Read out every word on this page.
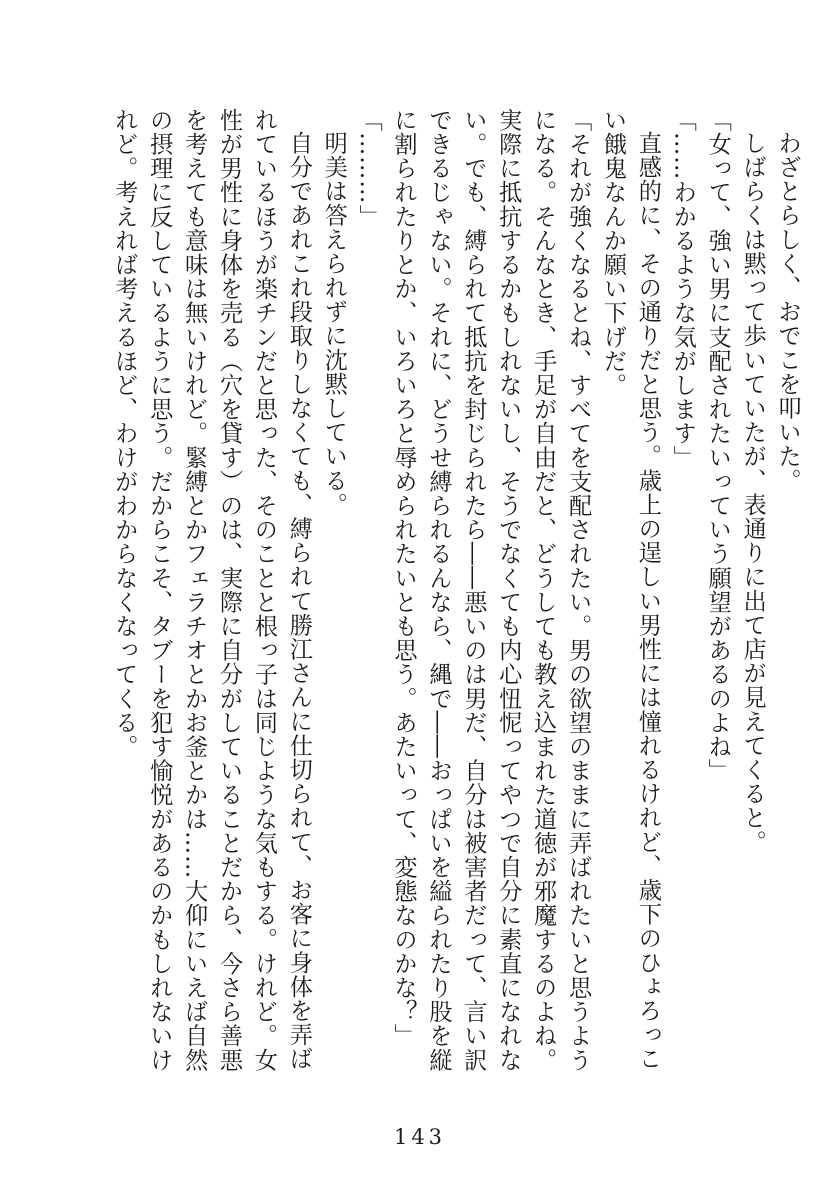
わざとらしく、おでこを叩いた。
しばらくは黙って歩いていたが、表通りに出て店が見えてくると。
「女って、強い男に支配されたいっていう願望があるのよね」
「……わかるような気がします」
直感的に、その通りだと思う。歳上の逞しい男性には憧れるけれど、歳下のひょろっこ
い餓鬼なんか願い下げだ。
「それが強くなるとね、すべてを支配されたい。男の欲望のままに弄ばれたいと思うよう
になる。そんなとき、手足が自由だと、どうしても教え込まれた道徳が邪魔するのよね。
実際に抵抗するかもしれないし、そうでなくても内心忸怩ってやつで自分に素直になれな
い。でも、縛られて抵抗を封じられたら――悪いのは男だ、自分は被害者だって、言い訳
できるじゃない。それに、どうせ縛られるんなら、縄で――おっぱいを縊られたり股を縦
に割られたりとか、いろいろと辱められたいとも思う。あたいって、変態なのかな？」
「………」
明美は答えられずに沈黙している。
自分であれこれ段取りしなくても、縛られて勝江さんに仕切られて、お客に身体を弄ば
れているほうが楽チンだと思った、そのことと根っ子は同じような気もする。けれど。女
性が男性に身体を売る（穴を貸す）のは、実際に自分がしていることだから、今さら善悪
を考えても意味は無いけれど。緊縛とかフェラチオとかお釜とかは……大仰にいえば自然
の摂理に反しているように思う。だからこそ、タブーを犯す愉悦があるのかもしれないけ
れど。考えれば考えるほど、わけがわからなくなってくる。
143
